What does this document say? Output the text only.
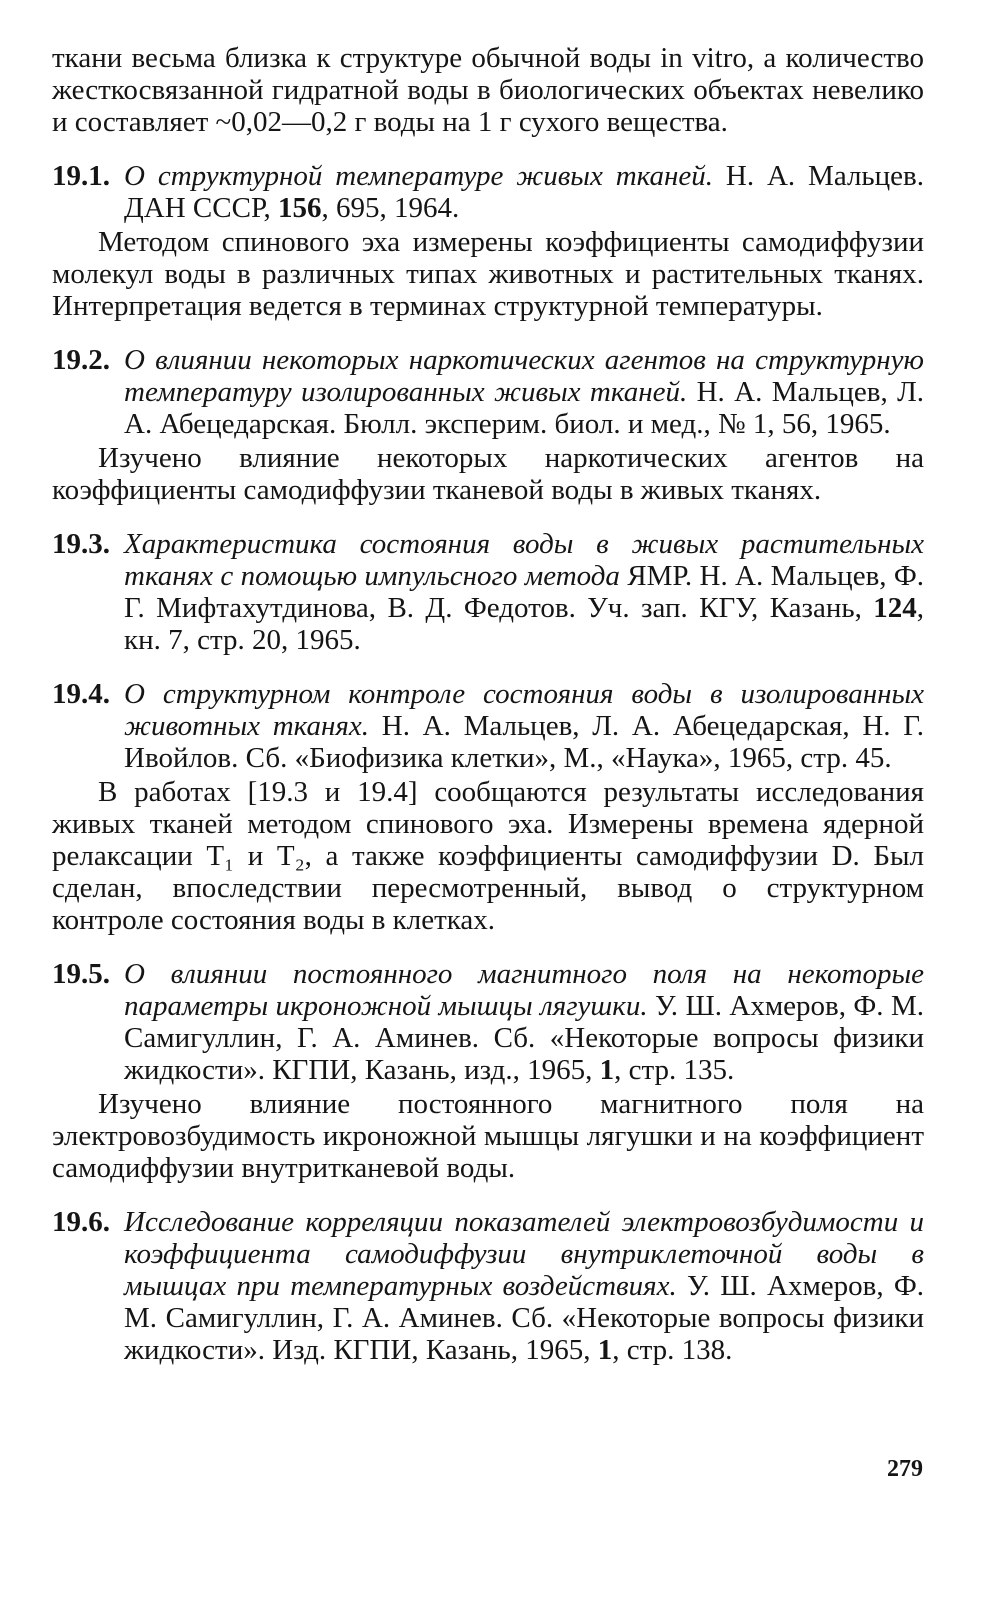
ткани весьма близка к структуре обычной воды in vitro, а количество жесткосвязанной гидратной воды в биологических объектах невелико и составляет ~0,02—0,2 г воды на 1 г сухого вещества.

19.1. О структурной температуре живых тканей. Н. А. Мальцев. ДАН СССР, 156, 695, 1964.

Методом спинового эха измерены коэффициенты самодиффузии молекул воды в различных типах животных и растительных тканях. Интерпретация ведется в терминах структурной температуры.

19.2. О влиянии некоторых наркотических агентов на структурную температуру изолированных живых тканей. Н. А. Мальцев, Л. А. Абецедарская. Бюлл. эксперим. биол. и мед., № 1, 56, 1965.

Изучено влияние некоторых наркотических агентов на коэффициенты самодиффузии тканевой воды в живых тканях.

19.3. Характеристика состояния воды в живых растительных тканях с помощью импульсного метода ЯМР. Н. А. Мальцев, Ф. Г. Мифтахутдинова, В. Д. Федотов. Уч. зап. КГУ, Казань, 124, кн. 7, стр. 20, 1965.
19.4. О структурном контроле состояния воды в изолированных животных тканях. Н. А. Мальцев, Л. А. Абецедарская, Н. Г. Ивойлов. Сб. «Биофизика клетки», М., «Наука», 1965, стр. 45.

В работах [19.3 и 19.4] сообщаются результаты исследования живых тканей методом спинового эха. Измерены времена ядерной релаксации T₁ и T₂, а также коэффициенты самодиффузии D. Был сделан, впоследствии пересмотренный, вывод о структурном контроле состояния воды в клетках.

19.5. О влиянии постоянного магнитного поля на некоторые параметры икроножной мышцы лягушки. У. Ш. Ахмеров, Ф. М. Самигуллин, Г. А. Аминев. Сб. «Некоторые вопросы физики жидкости». КГПИ, Казань, изд., 1965, 1, стр. 135.

Изучено влияние постоянного магнитного поля на электровозбудимость икроножной мышцы лягушки и на коэффициент самодиффузии внутритканевой воды.

19.6. Исследование корреляции показателей электровозбудимости и коэффициента самодиффузии внутриклеточной воды в мышцах при температурных воздействиях. У. Ш. Ахмеров, Ф. М. Самигуллин, Г. А. Аминев. Сб. «Некоторые вопросы физики жидкости». Изд. КГПИ, Казань, 1965, 1, стр. 138.
279
